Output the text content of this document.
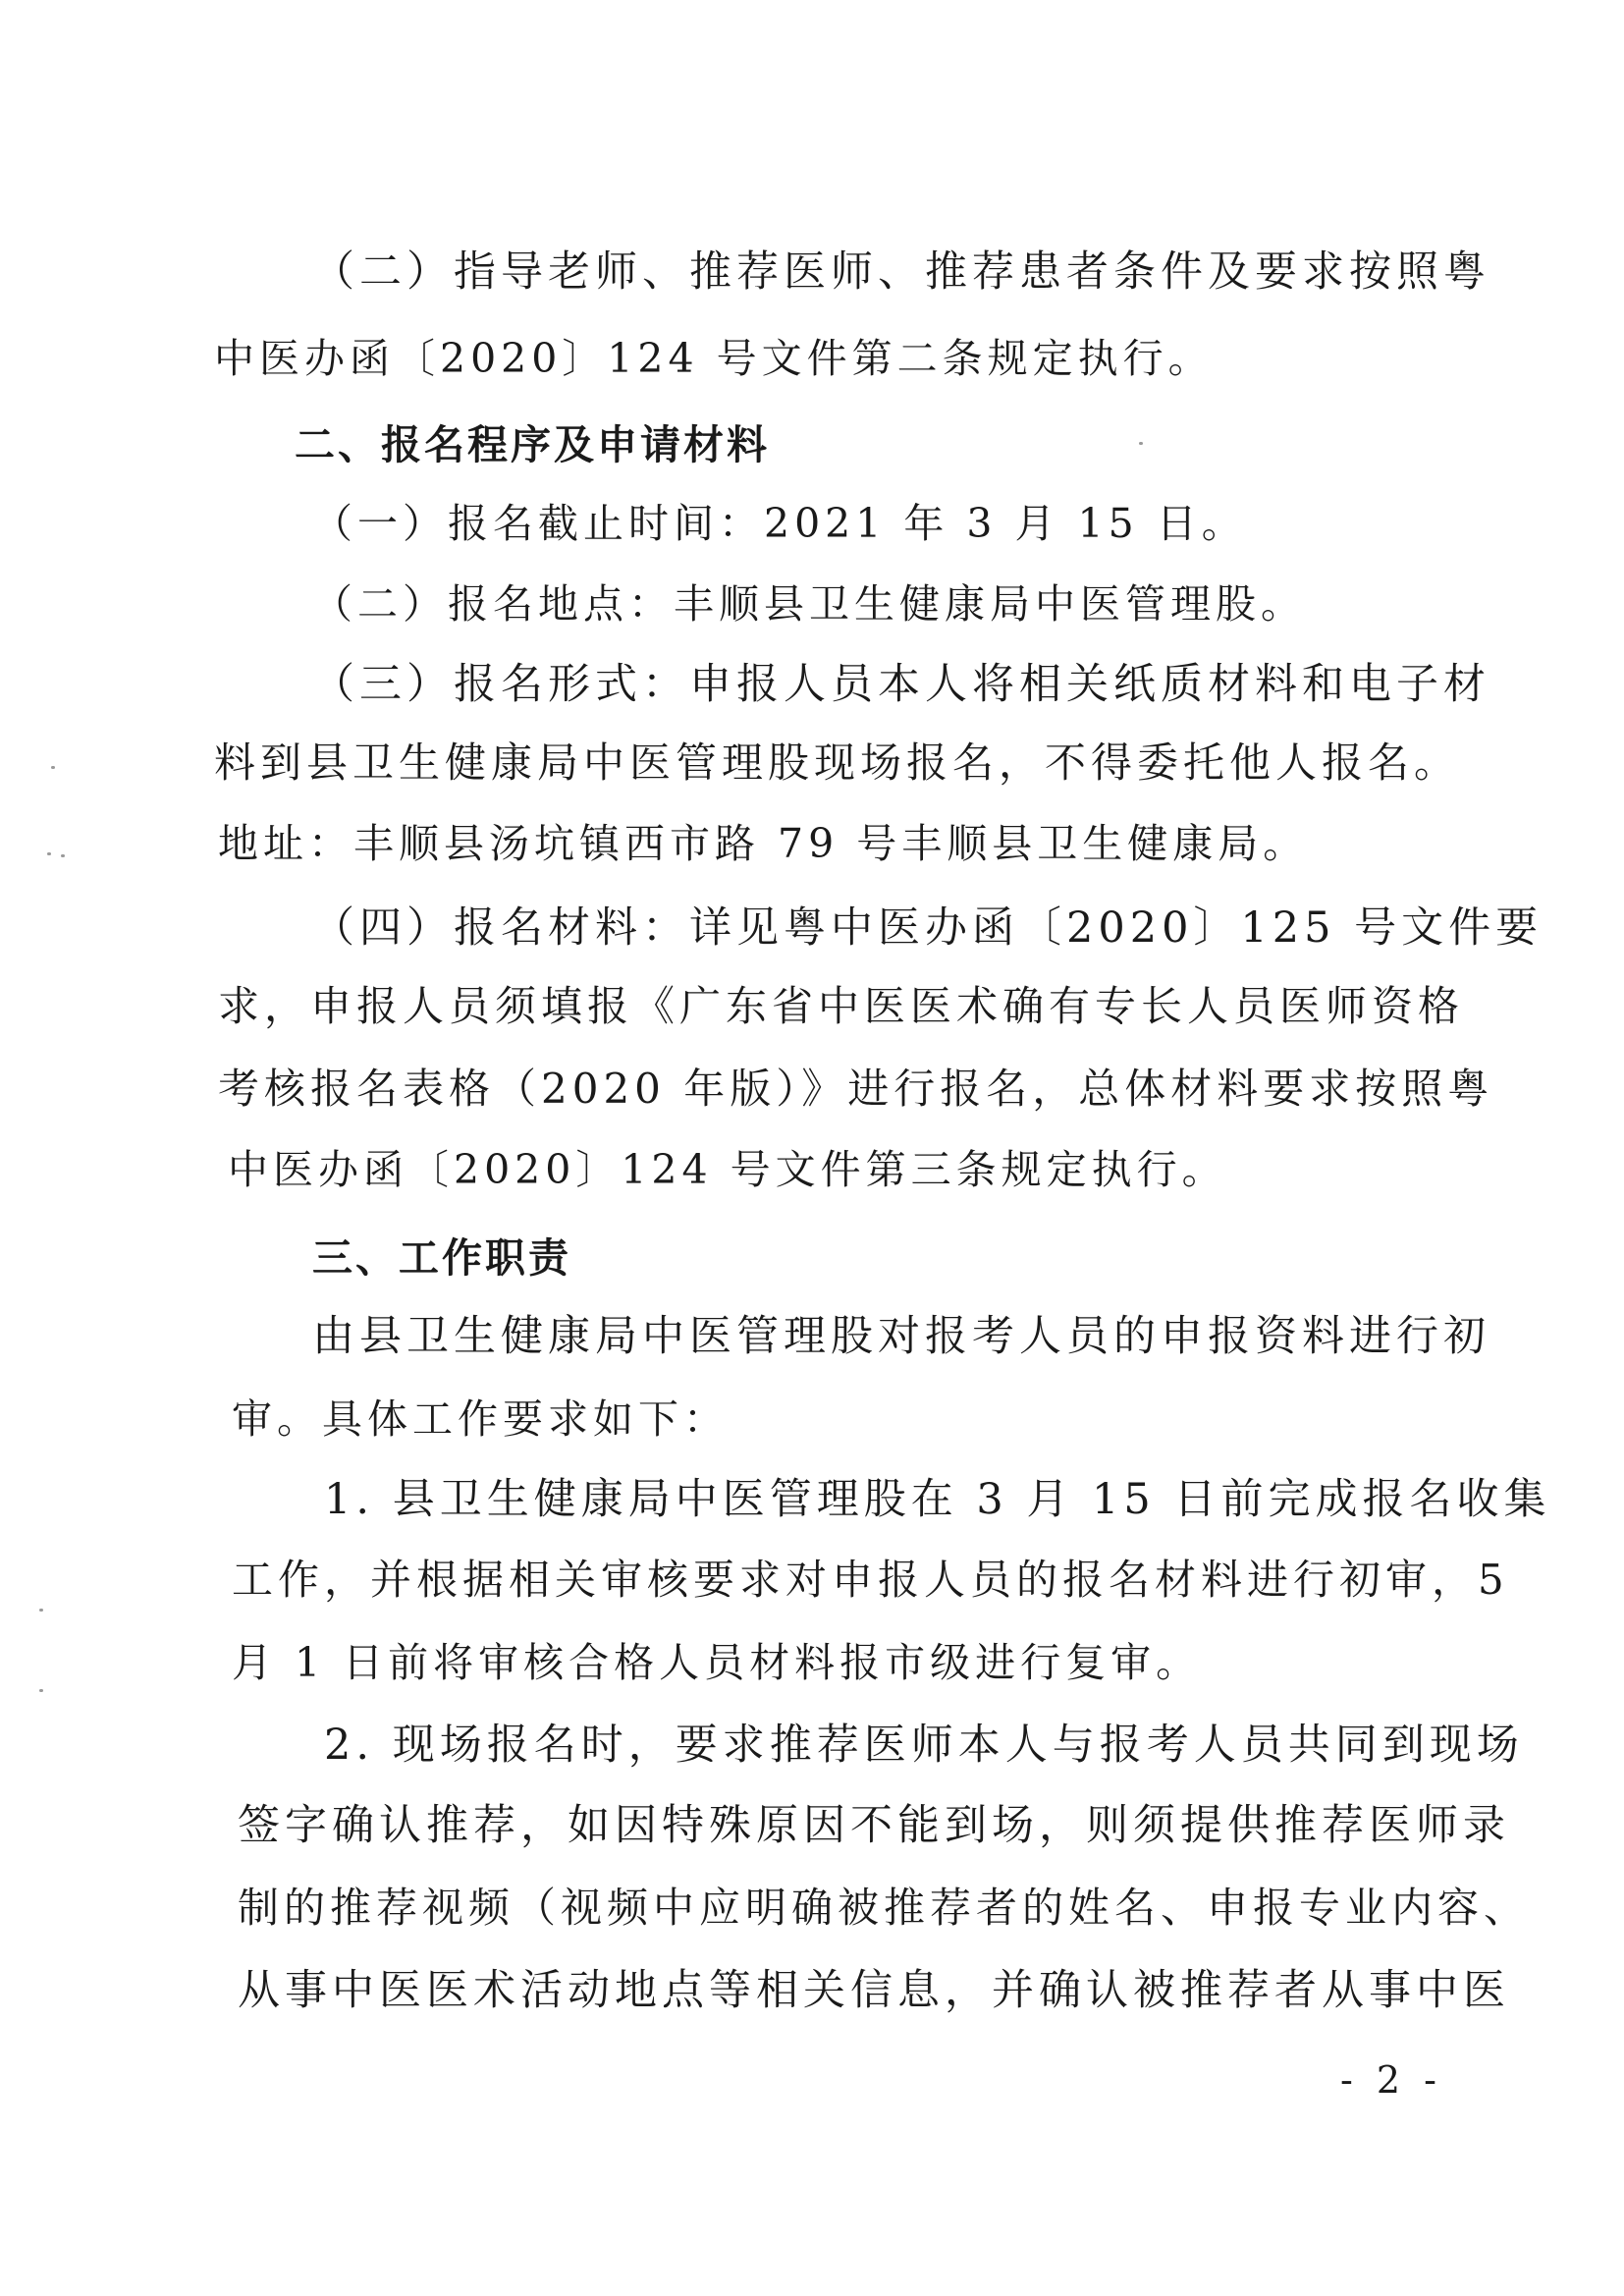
（二）指导老师、推荐医师、推荐患者条件及要求按照粤
中医办函〔2020〕124 号文件第二条规定执行。
二、报名程序及申请材料
（一）报名截止时间：2021 年 3 月 15 日。
（二）报名地点：丰顺县卫生健康局中医管理股。
（三）报名形式：申报人员本人将相关纸质材料和电子材
料到县卫生健康局中医管理股现场报名，不得委托他人报名。
地址：丰顺县汤坑镇西市路 79 号丰顺县卫生健康局。
（四）报名材料：详见粤中医办函〔2020〕125 号文件要
求，申报人员须填报《广东省中医医术确有专长人员医师资格
考核报名表格（2020 年版）》进行报名，总体材料要求按照粤
中医办函〔2020〕124 号文件第三条规定执行。
三、工作职责
由县卫生健康局中医管理股对报考人员的申报资料进行初
审。具体工作要求如下：
1. 县卫生健康局中医管理股在 3 月 15 日前完成报名收集
工作，并根据相关审核要求对申报人员的报名材料进行初审，5
月 1 日前将审核合格人员材料报市级进行复审。
2. 现场报名时，要求推荐医师本人与报考人员共同到现场
签字确认推荐，如因特殊原因不能到场，则须提供推荐医师录
制的推荐视频（视频中应明确被推荐者的姓名、申报专业内容、
从事中医医术活动地点等相关信息，并确认被推荐者从事中医
- 2 -
